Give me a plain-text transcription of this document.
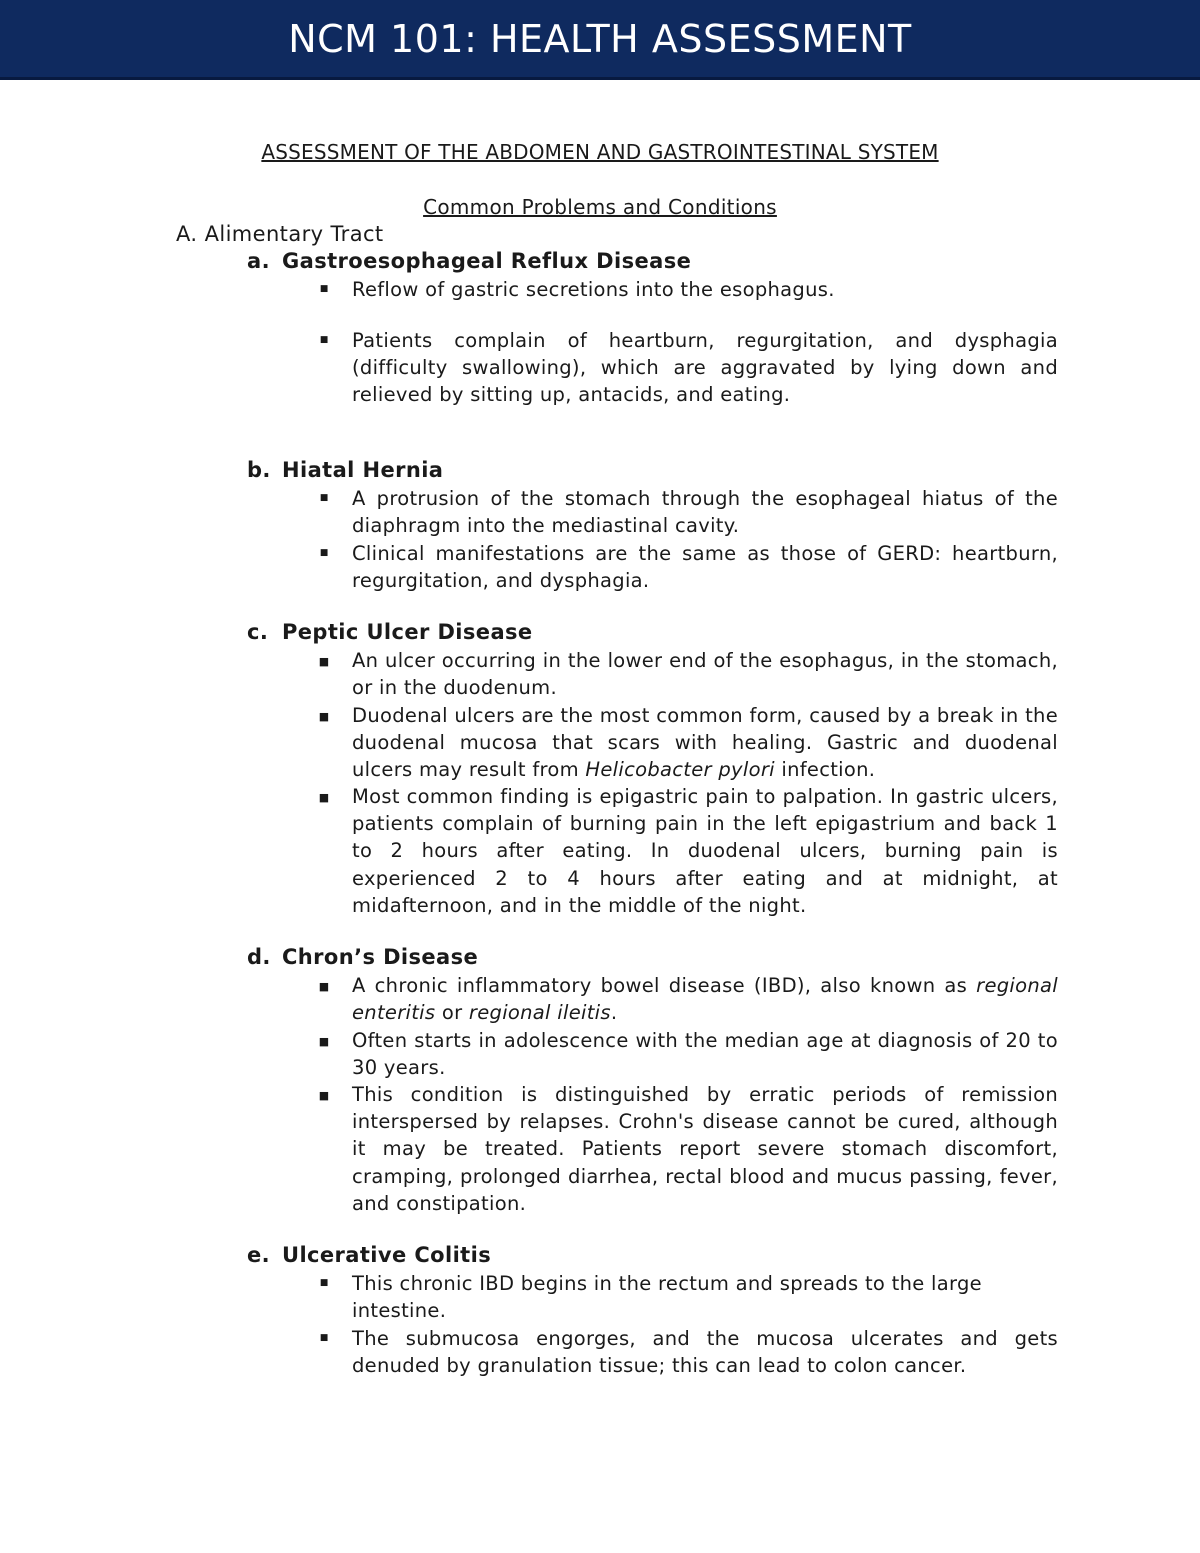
NCM 101: HEALTH ASSESSMENT
ASSESSMENT OF THE ABDOMEN AND GASTROINTESTINAL SYSTEM
Common Problems and Conditions
A. Alimentary Tract
a. Gastroesophageal Reflux Disease
■ Reflow of gastric secretions into the esophagus.
■ Patients complain of heartburn, regurgitation, and dysphagia (difficulty swallowing), which are aggravated by lying down and relieved by sitting up, antacids, and eating.
b. Hiatal Hernia
■ A protrusion of the stomach through the esophageal hiatus of the diaphragm into the mediastinal cavity.
■ Clinical manifestations are the same as those of GERD: heartburn, regurgitation, and dysphagia.
c. Peptic Ulcer Disease
■ An ulcer occurring in the lower end of the esophagus, in the stomach, or in the duodenum.
■ Duodenal ulcers are the most common form, caused by a break in the duodenal mucosa that scars with healing. Gastric and duodenal ulcers may result from Helicobacter pylori infection.
■ Most common finding is epigastric pain to palpation. In gastric ulcers, patients complain of burning pain in the left epigastrium and back 1 to 2 hours after eating. In duodenal ulcers, burning pain is experienced 2 to 4 hours after eating and at midnight, at midafternoon, and in the middle of the night.
d. Chron’s Disease
■ A chronic inflammatory bowel disease (IBD), also known as regional enteritis or regional ileitis.
■ Often starts in adolescence with the median age at diagnosis of 20 to 30 years.
■ This condition is distinguished by erratic periods of remission interspersed by relapses. Crohn's disease cannot be cured, although it may be treated. Patients report severe stomach discomfort, cramping, prolonged diarrhea, rectal blood and mucus passing, fever, and constipation.
e. Ulcerative Colitis
■ This chronic IBD begins in the rectum and spreads to the large intestine.
■ The submucosa engorges, and the mucosa ulcerates and gets denuded by granulation tissue; this can lead to colon cancer.
